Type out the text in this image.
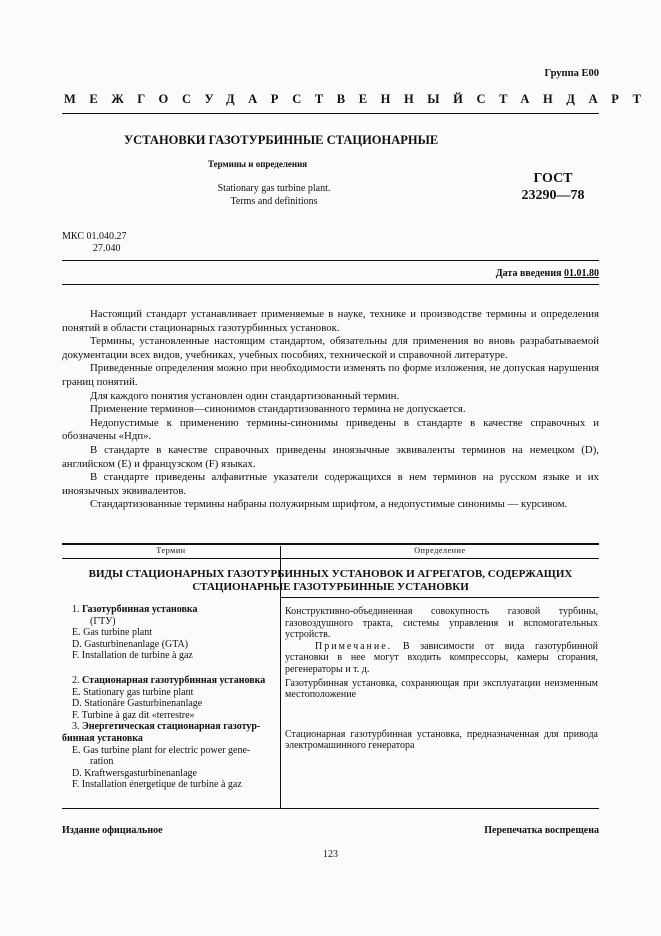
Группа Е00
МЕЖГОСУДАРСТВЕННЫЙ СТАНДАРТ
УСТАНОВКИ ГАЗОТУРБИННЫЕ СТАЦИОНАРНЫЕ
Термины и определения
Stationary gas turbine plant.
Terms and definitions
ГОСТ
23290—78
МКС 01.040.27
27.040
Дата введения 01.01.80

Настоящий стандарт устанавливает применяемые в науке, технике и производстве термины и определения понятий в области стационарных газотурбинных установок.

Термины, установленные настоящим стандартом, обязательны для применения во вновь разрабатываемой документации всех видов, учебниках, учебных пособиях, технической и справочной литературе.

Приведенные определения можно при необходимости изменять по форме изложения, не допуская нарушения границ понятий.

Для каждого понятия установлен один стандартизованный термин.

Применение терминов—синонимов стандартизованного термина не допускается.

Недопустимые к применению термины-синонимы приведены в стандарте в качестве справочных и обозначены «Ндп».

В стандарте в качестве справочных приведены иноязычные эквиваленты терминов на немецком (D), английском (Е) и французском (F) языках.

В стандарте приведены алфавитные указатели содержащихся в нем терминов на русском языке и их иноязычных эквивалентов.

Стандартизованные термины набраны полужирным шрифтом, а недопустимые синонимы — курсивом.

Термин	Определение
ВИДЫ СТАЦИОНАРНЫХ ГАЗОТУРБИННЫХ УСТАНОВОК И АГРЕГАТОВ, СОДЕРЖАЩИХ
СТАЦИОНАРНЫЕ ГАЗОТУРБИННЫЕ УСТАНОВКИ
1. Газотурбинная установка
(ГТУ)
E. Gas turbine plant
D. Gasturbinenanlage (GTA)
F. Installation de turbine à gaz
2. Стационарная газотурбинная установка
E. Stationary gas turbine plant
D. Stationäre Gasturbinenanlage
F. Turbine à gaz dit «terrestre»
3. Энергетическая стационарная газотур-
бинная установка
E. Gas turbine plant for electric power gene-
ration
D. Kraftwersgasturbinenanlage
F. Installation énergetique de turbine à gaz

Конструктивно-объединенная совокупность газовой турбины, газовоздушного тракта, системы управления и вспомогательных устройств.

Примечание. В зависимости от вида газотурбинной установки в нее могут входить компрессоры, камеры сгорания, регенераторы и т. д.

Газотурбинная установка, сохраняющая при эксплуатации неизменным местоположение

Стационарная газотурбинная установка, предназначенная для привода электромашинного генератора

Издание официальное	Перепечатка воспрещена
123
